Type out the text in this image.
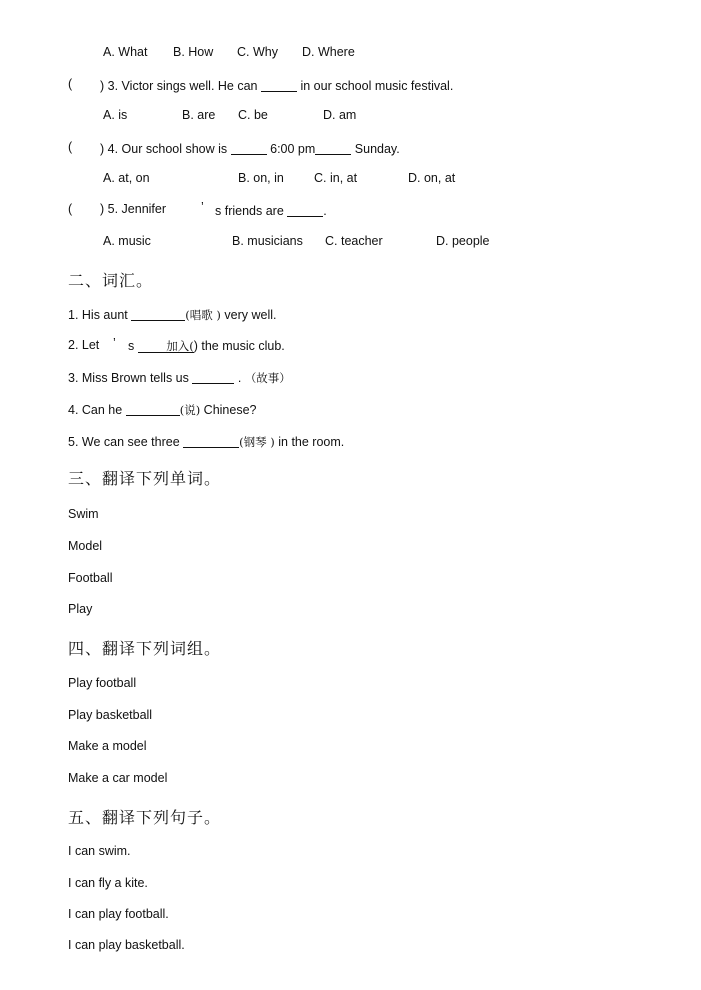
A. What B. How C. Why D. Where
( ) 3. Victor sings well. He can	in our school music festival.
A. is	B. are C. be	D. am
( ) 4. Our school show is	6:00 pm	Sunday.
A. at, on	B. on, in C. in, at	D. on, at
( ) 5. Jennifer	’ s friends are	.
A. music	B. musicians C. teacher	D. people
二、词汇。
1. His aunt	(唱歌 ) very well.
2. Let ’ s	加入() the music club.
3. Miss Brown tells us	. （故事）
4. Can he	(说) Chinese?
5. We can see three	(钢琴 ) in the room.
三、翻译下列单词。
Swim
Model
Football
Play
四、翻译下列词组。
Play football
Play basketball
Make a model
Make a car model
五、翻译下列句子。
I can swim.
I can fly a kite.
I can play football.
I can play basketball.
